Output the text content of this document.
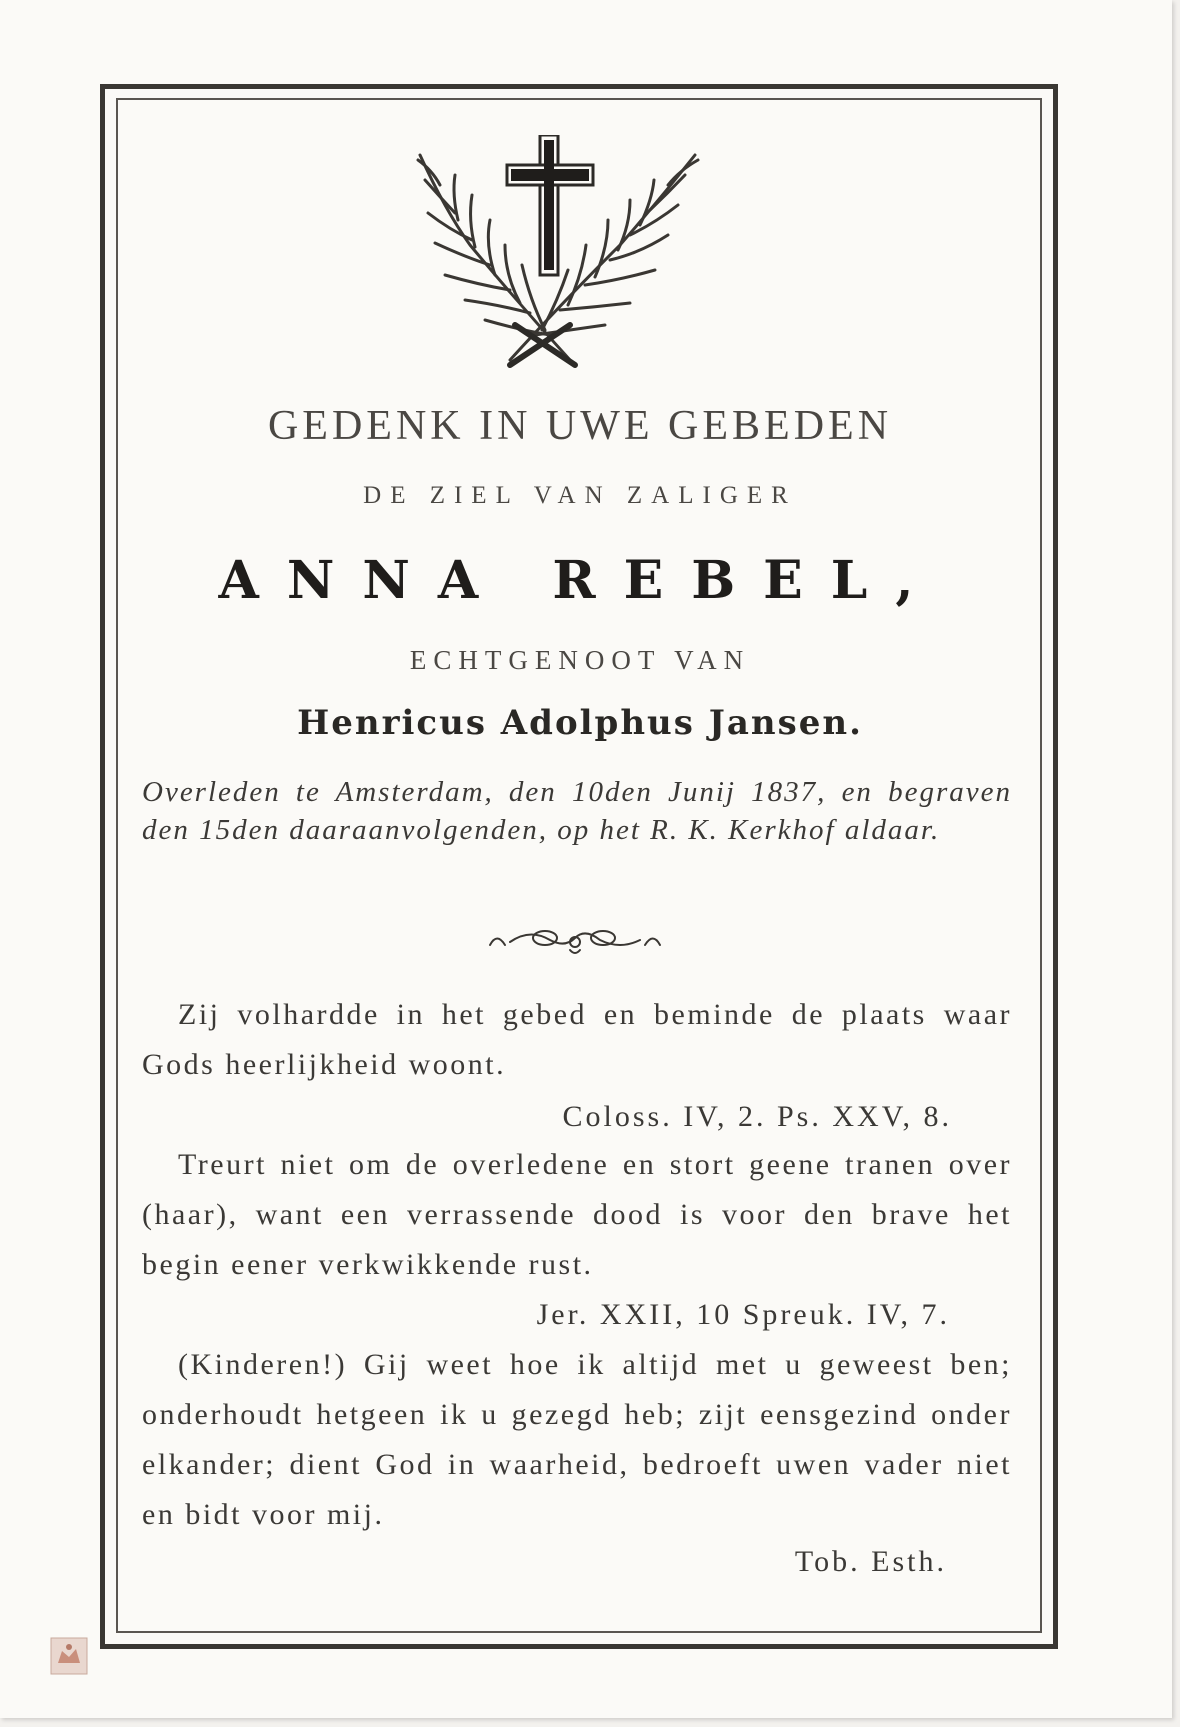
GEDENK IN UWE GEBEDEN
DE ZIEL VAN ZALIGER
ANNA REBEL,
ECHTGENOOT VAN
Henricus Adolphus Jansen.
Overleden te Amsterdam, den 10den Junij 1837, en begraven den 15den daaraanvolgenden, op het R. K. Kerkhof aldaar.
Zij volhardde in het gebed en beminde de plaats waar Gods heerlijkheid woont.
Coloss. IV, 2. Ps. XXV, 8.
Treurt niet om de overledene en stort geene tranen over (haar), want een verrassende dood is voor den brave het begin eener verkwikkende rust.
Jer. XXII, 10 Spreuk. IV, 7.
(Kinderen!) Gij weet hoe ik altijd met u geweest ben; onderhoudt hetgeen ik u gezegd heb; zijt eensgezind onder elkander; dient God in waarheid, bedroeft uwen vader niet en bidt voor mij.
Tob. Esth.
